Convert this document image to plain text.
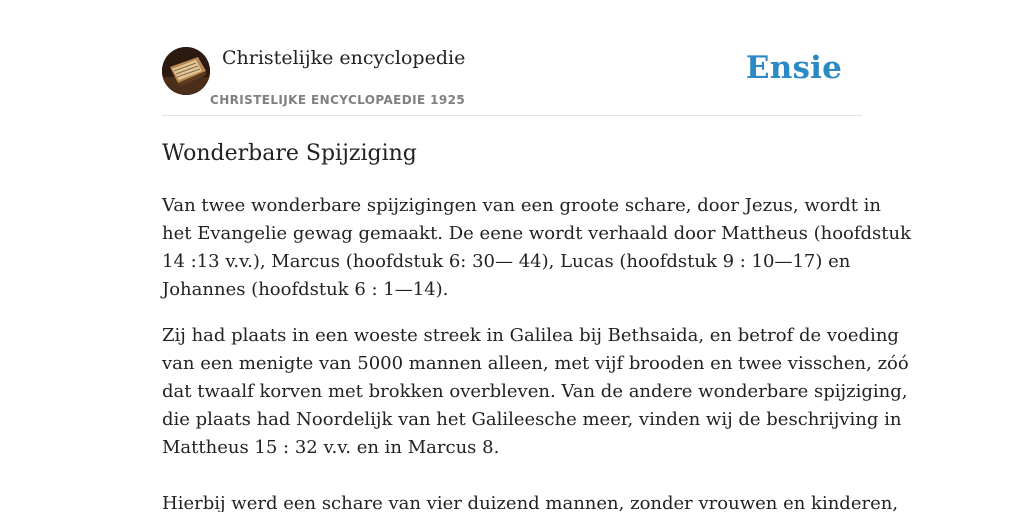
Christelijke encyclopedie
CHRISTELIJKE ENCYCLOPAEDIE 1925
Ensie
Wonderbare Spijziging

Van twee wonderbare spijzigingen van een groote schare, door Jezus, wordt in

het Evangelie gewag gemaakt. De eene wordt verhaald door Mattheus (hoofdstuk

14 :13 v.v.), Marcus (hoofdstuk 6: 30— 44), Lucas (hoofdstuk 9 : 10—17) en

Johannes (hoofdstuk 6 : 1—14).

Zij had plaats in een woeste streek in Galilea bij Bethsaida, en betrof de voeding

van een menigte van 5000 mannen alleen, met vijf brooden en twee visschen, zóó

dat twaalf korven met brokken overbleven. Van de andere wonderbare spijziging,

die plaats had Noordelijk van het Galileesche meer, vinden wij de beschrijving in

Mattheus 15 : 32 v.v. en in Marcus 8.

Hierbij werd een schare van vier duizend mannen, zonder vrouwen en kinderen,
